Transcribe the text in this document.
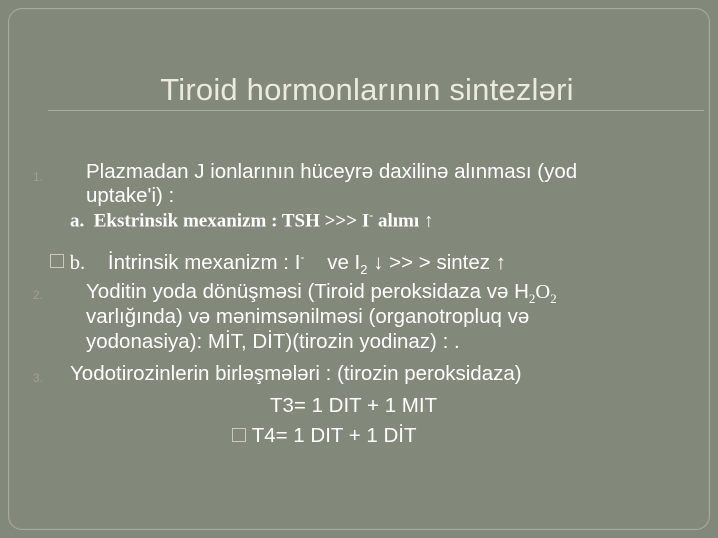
Tiroid hormonlarının sintezləri
1. Plazmadan J ionlarının hüceyrə daxilinə alınması (yod
uptake'i) :
a. Ekstrinsik mexanizm : TSH >>> I- alımı ↑
b. İntrinsik mexanizm : I-    ve $I_2$ ↓ >> > sintez ↑
2. Yoditin yoda dönüşməsi (Tiroid peroksidaza və $H_2O_2$
varlığında) və mənimsənilməsi (organotropluq və
yodonasiya): MİT, DİT)(tirozin yodinaz) : .
3. Yodotirozinlerin birləşmələri : (tirozin peroksidaza)
T3= 1 DIT + 1 MIT
T4= 1 DIT + 1 DİT
